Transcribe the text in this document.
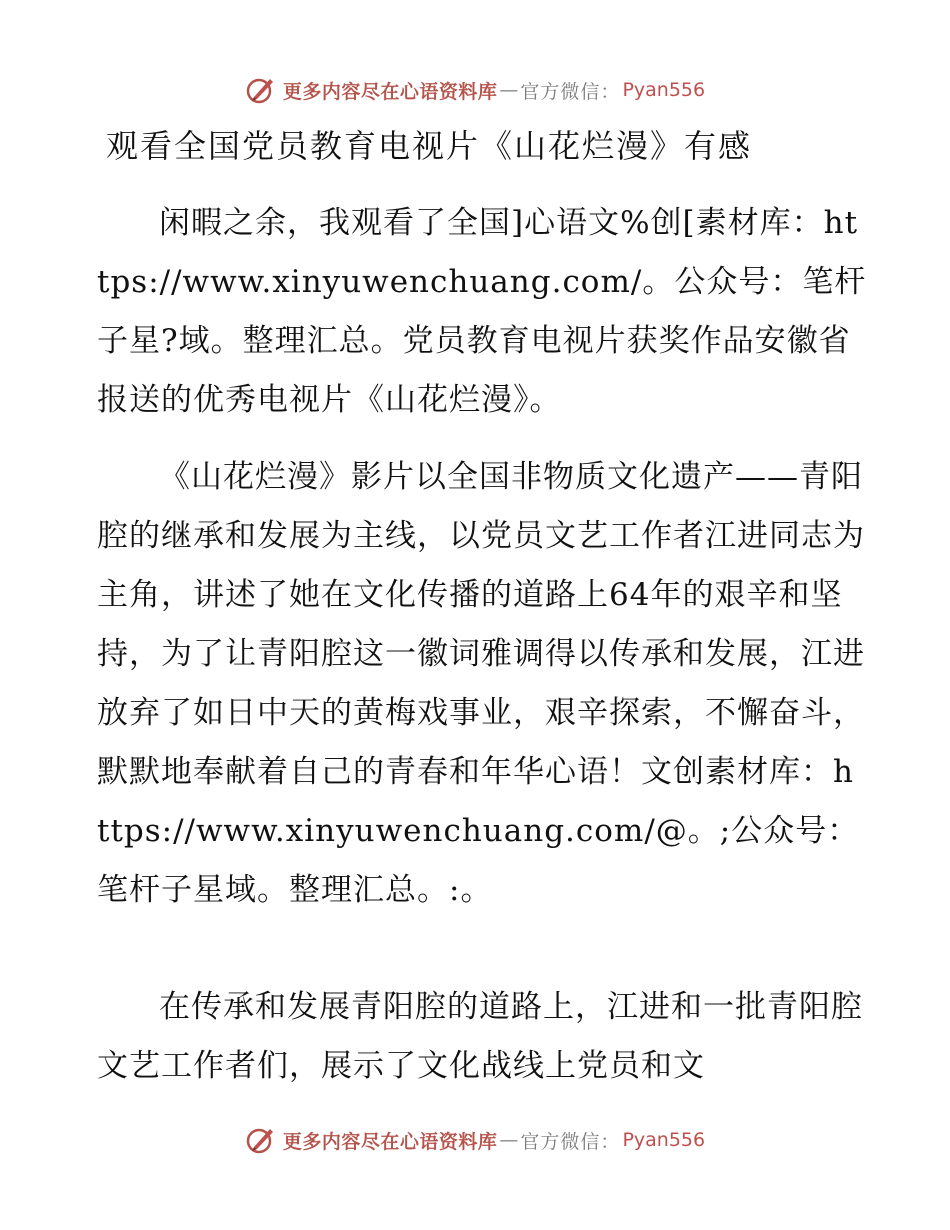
更多内容尽在心语资料库 — 官方微信： Pyan556
观看全国党员教育电视片《山花烂漫》有感

闲暇之余，我观看了全国]心语文%创[素材库：https://www.xinyuwenchuang.com/。公众号：笔杆子星?域。整理汇总。党员教育电视片获奖作品安徽省报送的优秀电视片《山花烂漫》。

《山花烂漫》影片以全国非物质文化遗产——青阳腔的继承和发展为主线，以党员文艺工作者江进同志为主角，讲述了她在文化传播的道路上64年的艰辛和坚持，为了让青阳腔这一徽词雅调得以传承和发展，江进放弃了如日中天的黄梅戏事业，艰辛探索，不懈奋斗，默默地奉献着自己的青春和年华心语！文创素材库：https://www.xinyuwenchuang.com/@。;公众号：笔杆子星域。整理汇总。:。

在传承和发展青阳腔的道路上，江进和一批青阳腔文艺工作者们，展示了文化战线上党员和文

更多内容尽在心语资料库 — 官方微信： Pyan556
